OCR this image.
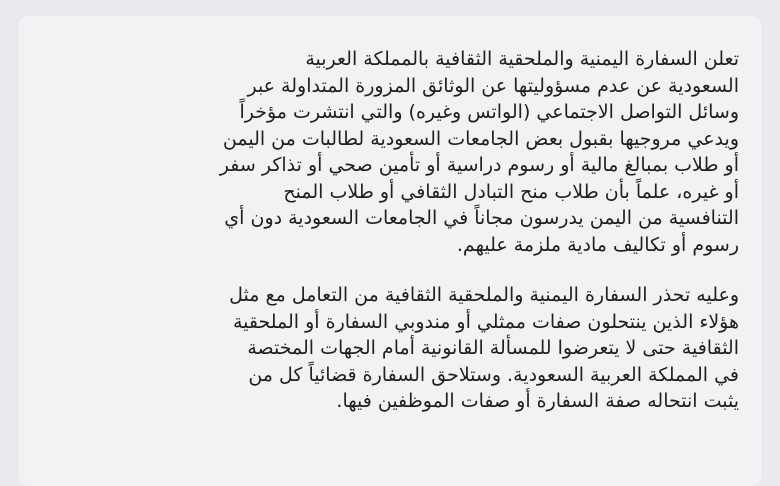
تعلن السفارة اليمنية والملحقية الثقافية بالمملكة العربية
السعودية عن عدم مسؤوليتها عن الوثائق المزورة المتداولة عبر
وسائل التواصل الاجتماعي (الواتس وغيره) والتي انتشرت مؤخراً
ويدعي مروجيها بقبول بعض الجامعات السعودية لطالبات من اليمن
أو طلاب بمبالغ مالية أو رسوم دراسية أو تأمين صحي أو تذاكر سفر
أو غيره، علماً بأن طلاب منح التبادل الثقافي أو طلاب المنح
التنافسية من اليمن يدرسون مجاناً في الجامعات السعودية دون أي
رسوم أو تكاليف مادية ملزمة عليهم.

وعليه تحذر السفارة اليمنية والملحقية الثقافية من التعامل مع مثل
هؤلاء الذين ينتحلون صفات ممثلي أو مندوبي السفارة أو الملحقية
الثقافية حتى لا يتعرضوا للمسألة القانونية أمام الجهات المختصة
في المملكة العربية السعودية. وستلاحق السفارة قضائياً كل من
يثبت انتحاله صفة السفارة أو صفات الموظفين فيها.
